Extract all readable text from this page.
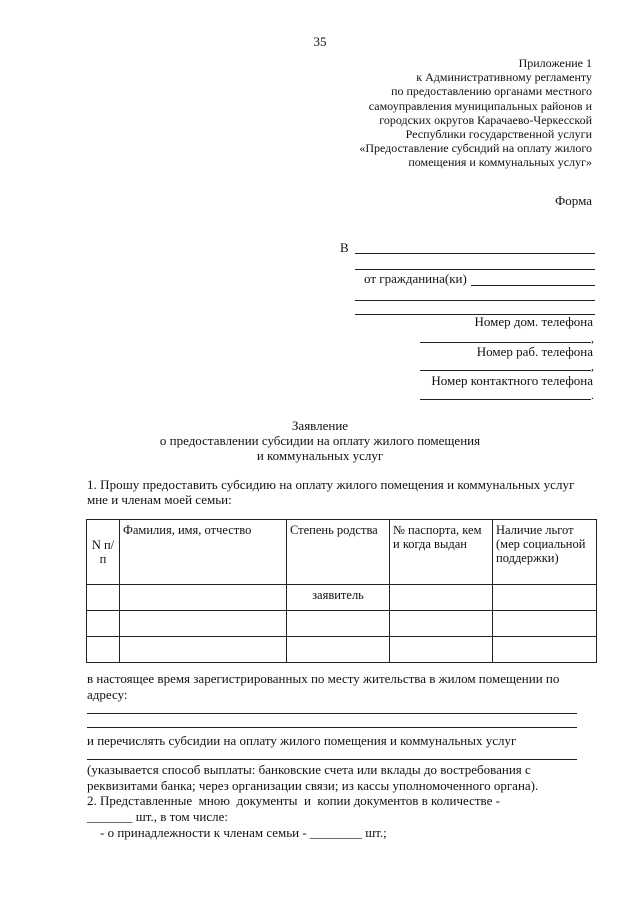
35
Приложение 1
к Административному регламенту
по предоставлению органами местного
самоуправления муниципальных районов и
городских округов Карачаево-Черкесской
Республики государственной услуги
«Предоставление субсидий на оплату жилого
помещения и коммунальных услуг»
Форма
В
от гражданина(ки)
Номер дом. телефона
,
Номер раб. телефона
,
Номер контактного телефона
.
Заявление
о предоставлении субсидии на оплату жилого помещения
и коммунальных услуг
1. Прошу предоставить субсидию на оплату жилого помещения и коммунальных услуг
мне и членам моей семьи:
N п/п	Фамилия, имя, отчество	Степень родства	№ паспорта, кем и когда выдан	Наличие льгот (мер социальной поддержки)
		заявитель		

в настоящее время зарегистрированных по месту жительства в жилом помещении по
адресу:
и перечислять субсидии на оплату жилого помещения и коммунальных услуг
(указывается способ выплаты: банковские счета или вклады до востребования с
реквизитами банка; через организации связи; из кассы уполномоченного органа).
2. Представленные  мною  документы  и  копии документов в количестве -
_______ шт., в том числе:
- о принадлежности к членам семьи - ________ шт.;
